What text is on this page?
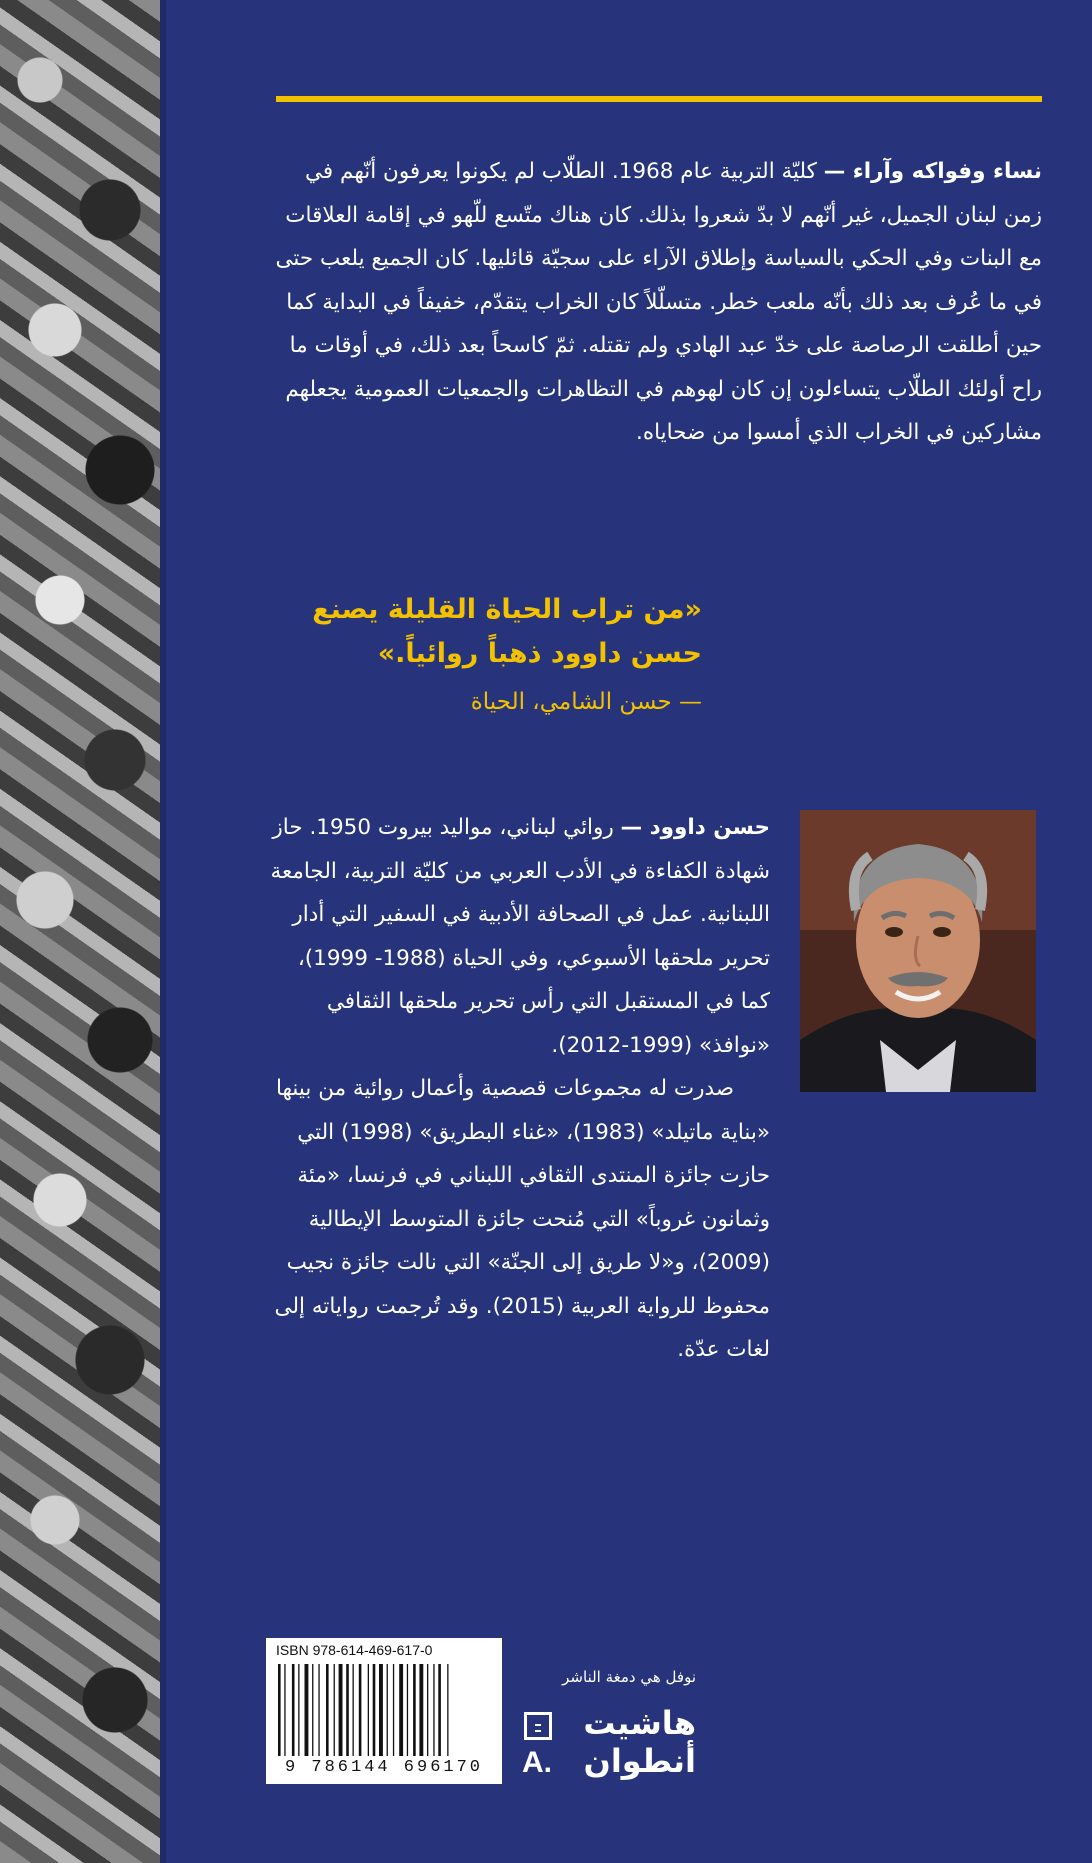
نساء وفواكه وآراء — كليّة التربية عام 1968. الطلّاب لم يكونوا يعرفون أنّهم في زمن لبنان الجميل، غير أنّهم لا بدّ شعروا بذلك. كان هناك متّسع للّهو في إقامة العلاقات مع البنات وفي الحكي بالسياسة وإطلاق الآراء على سجيّة قائليها. كان الجميع يلعب حتى في ما عُرف بعد ذلك بأنّه ملعب خطر. متسلّلاً كان الخراب يتقدّم، خفيفاً في البداية كما حين أطلقت الرصاصة على خدّ عبد الهادي ولم تقتله. ثمّ كاسحاً بعد ذلك، في أوقات ما راح أولئك الطلّاب يتساءلون إن كان لهوهم في التظاهرات والجمعيات العمومية يجعلهم مشاركين في الخراب الذي أمسوا من ضحاياه.
«من تراب الحياة القليلة يصنع حسن داوود ذهباً روائياً.»
— حسن الشامي، الحياة

حسن داوود — روائي لبناني، مواليد بيروت 1950. حاز شهادة الكفاءة في الأدب العربي من كليّة التربية، الجامعة اللبنانية. عمل في الصحافة الأدبية في السفير التي أدار تحرير ملحقها الأسبوعي، وفي الحياة (1988- 1999)، كما في المستقبل التي رأس تحرير ملحقها الثقافي «نوافذ» (1999-2012).

صدرت له مجموعات قصصية وأعمال روائية من بينها «بناية ماتيلد» (1983)، «غناء البطريق» (1998) التي حازت جائزة المنتدى الثقافي اللبناني في فرنسا، «مئة وثمانون غروباً» التي مُنحت جائزة المتوسط الإيطالية (2009)، و«لا طريق إلى الجنّة» التي نالت جائزة نجيب محفوظ للرواية العربية (2015). وقد تُرجمت رواياته إلى لغات عدّة.

ISBN 978-614-469-617-0
9 786144 696170
نوفل هي دمغة الناشر
هاشيت
أنطوان
A.
